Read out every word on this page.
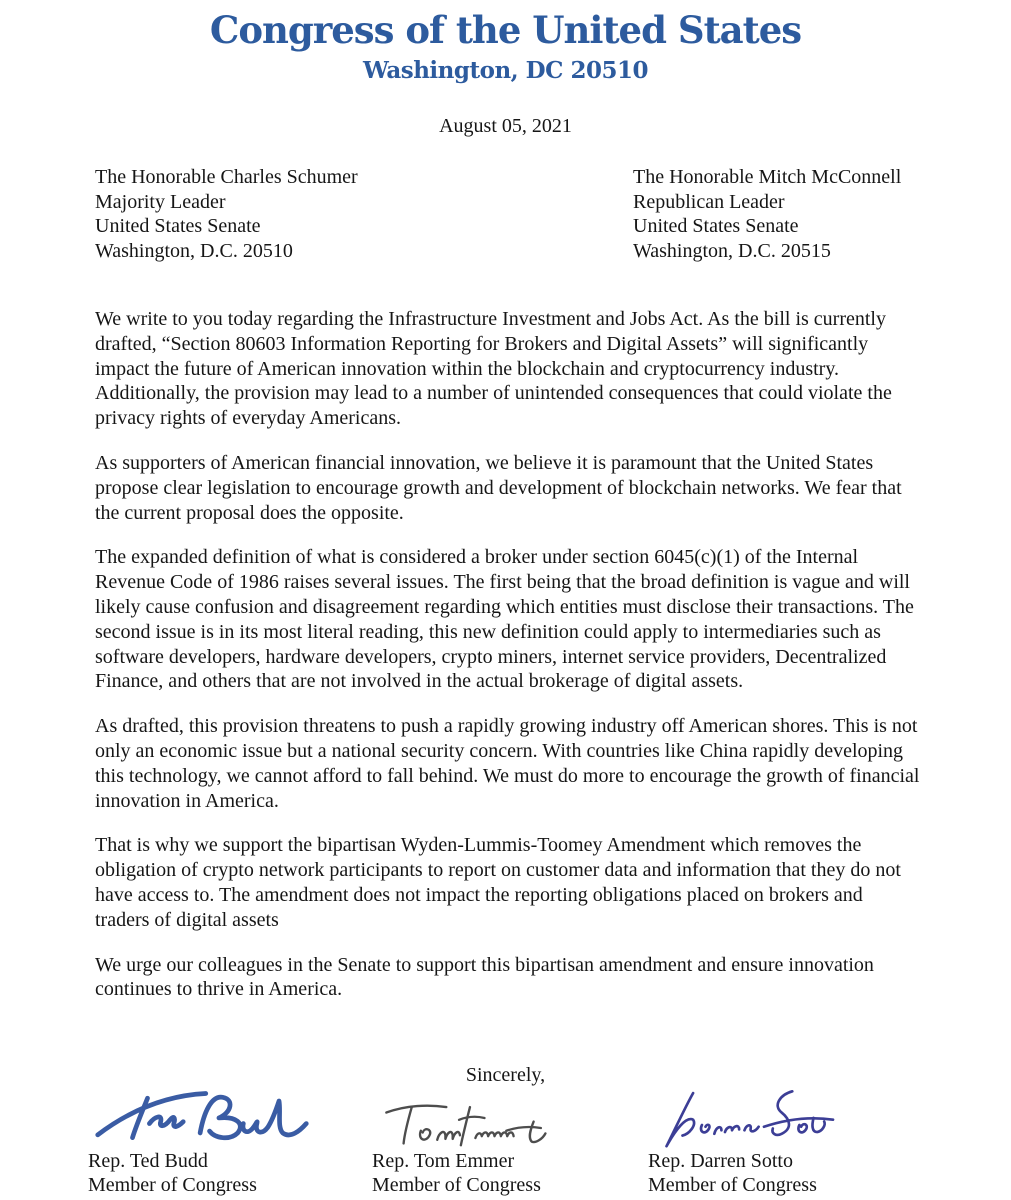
Congress of the United States
Washington, DC 20510
August 05, 2021
The Honorable Charles Schumer
Majority Leader
United States Senate
Washington, D.C. 20510
The Honorable Mitch McConnell
Republican Leader
United States Senate
Washington, D.C. 20515

We write to you today regarding the Infrastructure Investment and Jobs Act. As the bill is currently drafted, “Section 80603 Information Reporting for Brokers and Digital Assets” will significantly impact the future of American innovation within the blockchain and cryptocurrency industry. Additionally, the provision may lead to a number of unintended consequences that could violate the privacy rights of everyday Americans.

As supporters of American financial innovation, we believe it is paramount that the United States propose clear legislation to encourage growth and development of blockchain networks. We fear that the current proposal does the opposite.

The expanded definition of what is considered a broker under section 6045(c)(1) of the Internal Revenue Code of 1986 raises several issues. The first being that the broad definition is vague and will likely cause confusion and disagreement regarding which entities must disclose their transactions. The second issue is in its most literal reading, this new definition could apply to intermediaries such as software developers, hardware developers, crypto miners, internet service providers, Decentralized Finance, and others that are not involved in the actual brokerage of digital assets.

As drafted, this provision threatens to push a rapidly growing industry off American shores. This is not only an economic issue but a national security concern. With countries like China rapidly developing this technology, we cannot afford to fall behind. We must do more to encourage the growth of financial innovation in America.

That is why we support the bipartisan Wyden-Lummis-Toomey Amendment which removes the obligation of crypto network participants to report on customer data and information that they do not have access to. The amendment does not impact the reporting obligations placed on brokers and traders of digital assets

We urge our colleagues in the Senate to support this bipartisan amendment and ensure innovation continues to thrive in America.

Sincerely,
Rep. Ted Budd
Member of Congress
Rep. Tom Emmer
Member of Congress
Rep. Darren Sotto
Member of Congress
